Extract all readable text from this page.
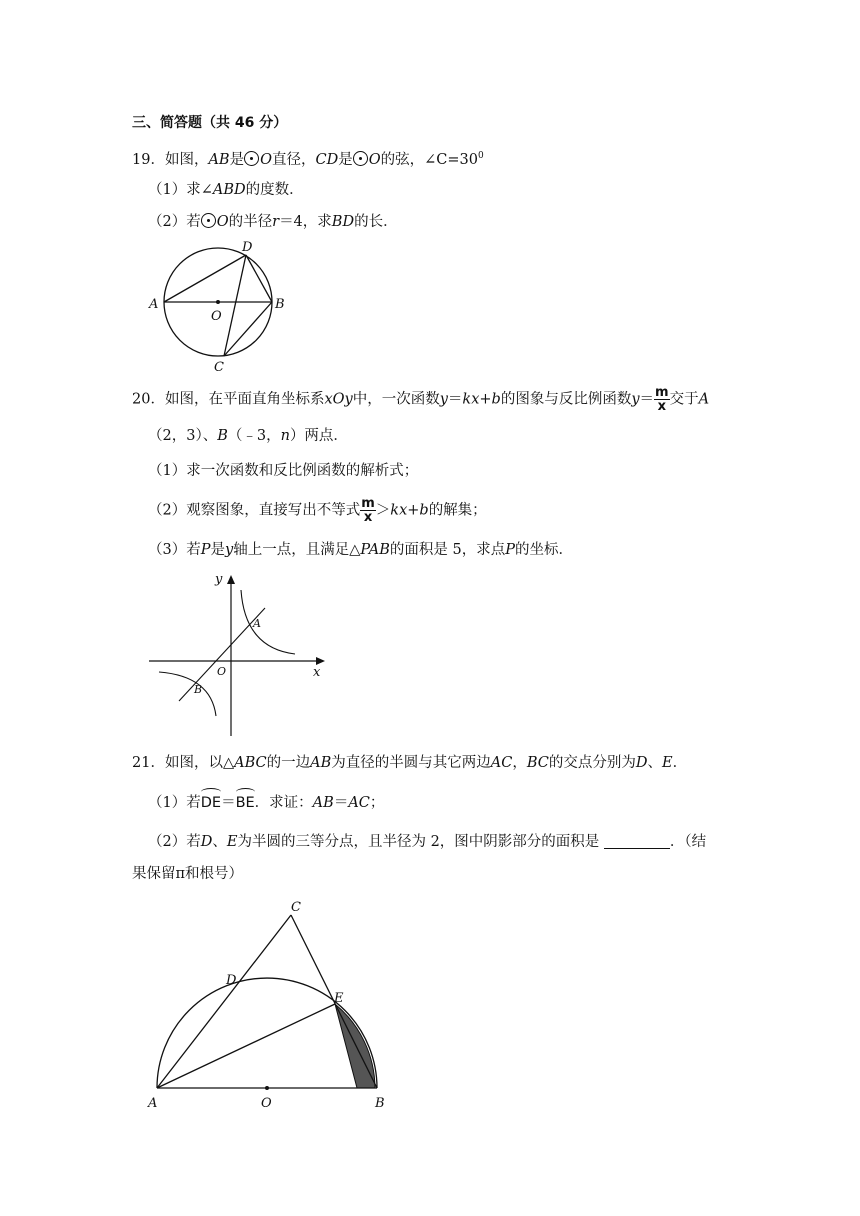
三、简答题（共 46 分）
19．如图，AB是 O直径，CD是 O的弦，$\angle C=30^0$
（1）求∠ABD的度数．
（2）若 O的半径r＝4，求BD的长．
A	B
D
C
O
20．如图，在平面直角坐标系xOy中，一次函数y＝kx+b的图象与反比例函数$y= \frac{m}{x}$ 交于A
（2，3）、B（﹣3，n）两点．
（1）求一次函数和反比例函数的解析式；
（2）观察图象，直接写出不等式 $\frac{m}{x} >kx+b$的解集；
（3）若P是y轴上一点，且满足△PAB的面积是 5，求点P的坐标．
y
x
O
A
B
21．如图，以△ABC的一边AB为直径的半圆与其它两边AC，BC的交点分别为D、E．
（1）若DE＝BE．求证：AB＝AC；
（2）若D、E为半圆的三等分点，且半径为 2，图中阴影部分的面积是	．（结
果保留π和根号）
A	B
C
D
E
O
